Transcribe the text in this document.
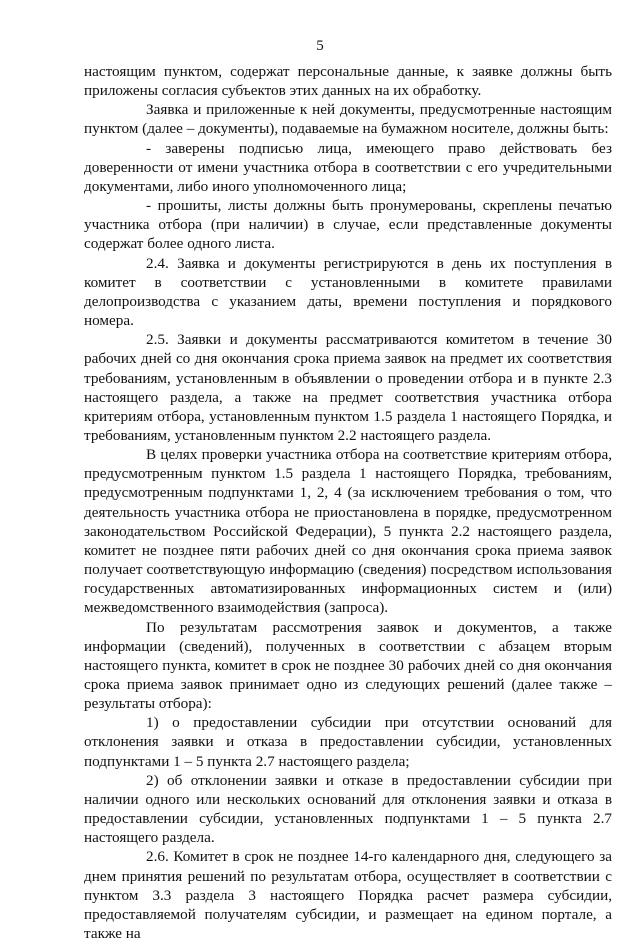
5

настоящим пунктом, содержат персональные данные, к заявке должны быть приложены согласия субъектов этих данных на их обработку.

Заявка и приложенные к ней документы, предусмотренные настоящим пунктом (далее – документы), подаваемые на бумажном носителе, должны быть:

- заверены подписью лица, имеющего право действовать без доверенности от имени участника отбора в соответствии с его учредительными документами, либо иного уполномоченного лица;

- прошиты, листы должны быть пронумерованы, скреплены печатью участника отбора (при наличии) в случае, если представленные документы содержат более одного листа.

2.4. Заявка и документы регистрируются в день их поступления в комитет в соответствии с установленными в комитете правилами делопроизводства с указанием даты, времени поступления и порядкового номера.

2.5. Заявки и документы рассматриваются комитетом в течение 30 рабочих дней со дня окончания срока приема заявок на предмет их соответствия требованиям, установленным в объявлении о проведении отбора и в пункте 2.3 настоящего раздела, а также на предмет соответствия участника отбора критериям отбора, установленным пунктом 1.5 раздела 1 настоящего Порядка, и требованиям, установленным пунктом 2.2 настоящего раздела.

В целях проверки участника отбора на соответствие критериям отбора, предусмотренным пунктом 1.5 раздела 1 настоящего Порядка, требованиям, предусмотренным подпунктами 1, 2, 4 (за исключением требования о том, что деятельность участника отбора не приостановлена в порядке, предусмотренном законодательством Российской Федерации), 5 пункта 2.2 настоящего раздела, комитет не позднее пяти рабочих дней со дня окончания срока приема заявок получает соответствующую информацию (сведения) посредством использования государственных автоматизированных информационных систем и (или) межведомственного взаимодействия (запроса).

По результатам рассмотрения заявок и документов, а также информации (сведений), полученных в соответствии с абзацем вторым настоящего пункта, комитет в срок не позднее 30 рабочих дней со дня окончания срока приема заявок принимает одно из следующих решений (далее также – результаты отбора):

1) о предоставлении субсидии при отсутствии оснований для отклонения заявки и отказа в предоставлении субсидии, установленных подпунктами 1 – 5 пункта 2.7 настоящего раздела;

2) об отклонении заявки и отказе в предоставлении субсидии при наличии одного или нескольких оснований для отклонения заявки и отказа в предоставлении субсидии, установленных подпунктами 1 – 5 пункта 2.7 настоящего раздела.

2.6. Комитет в срок не позднее 14-го календарного дня, следующего за днем принятия решений по результатам отбора, осуществляет в соответствии с пунктом 3.3 раздела 3 настоящего Порядка расчет размера субсидии, предоставляемой получателям субсидии, и размещает на едином портале, а также на
